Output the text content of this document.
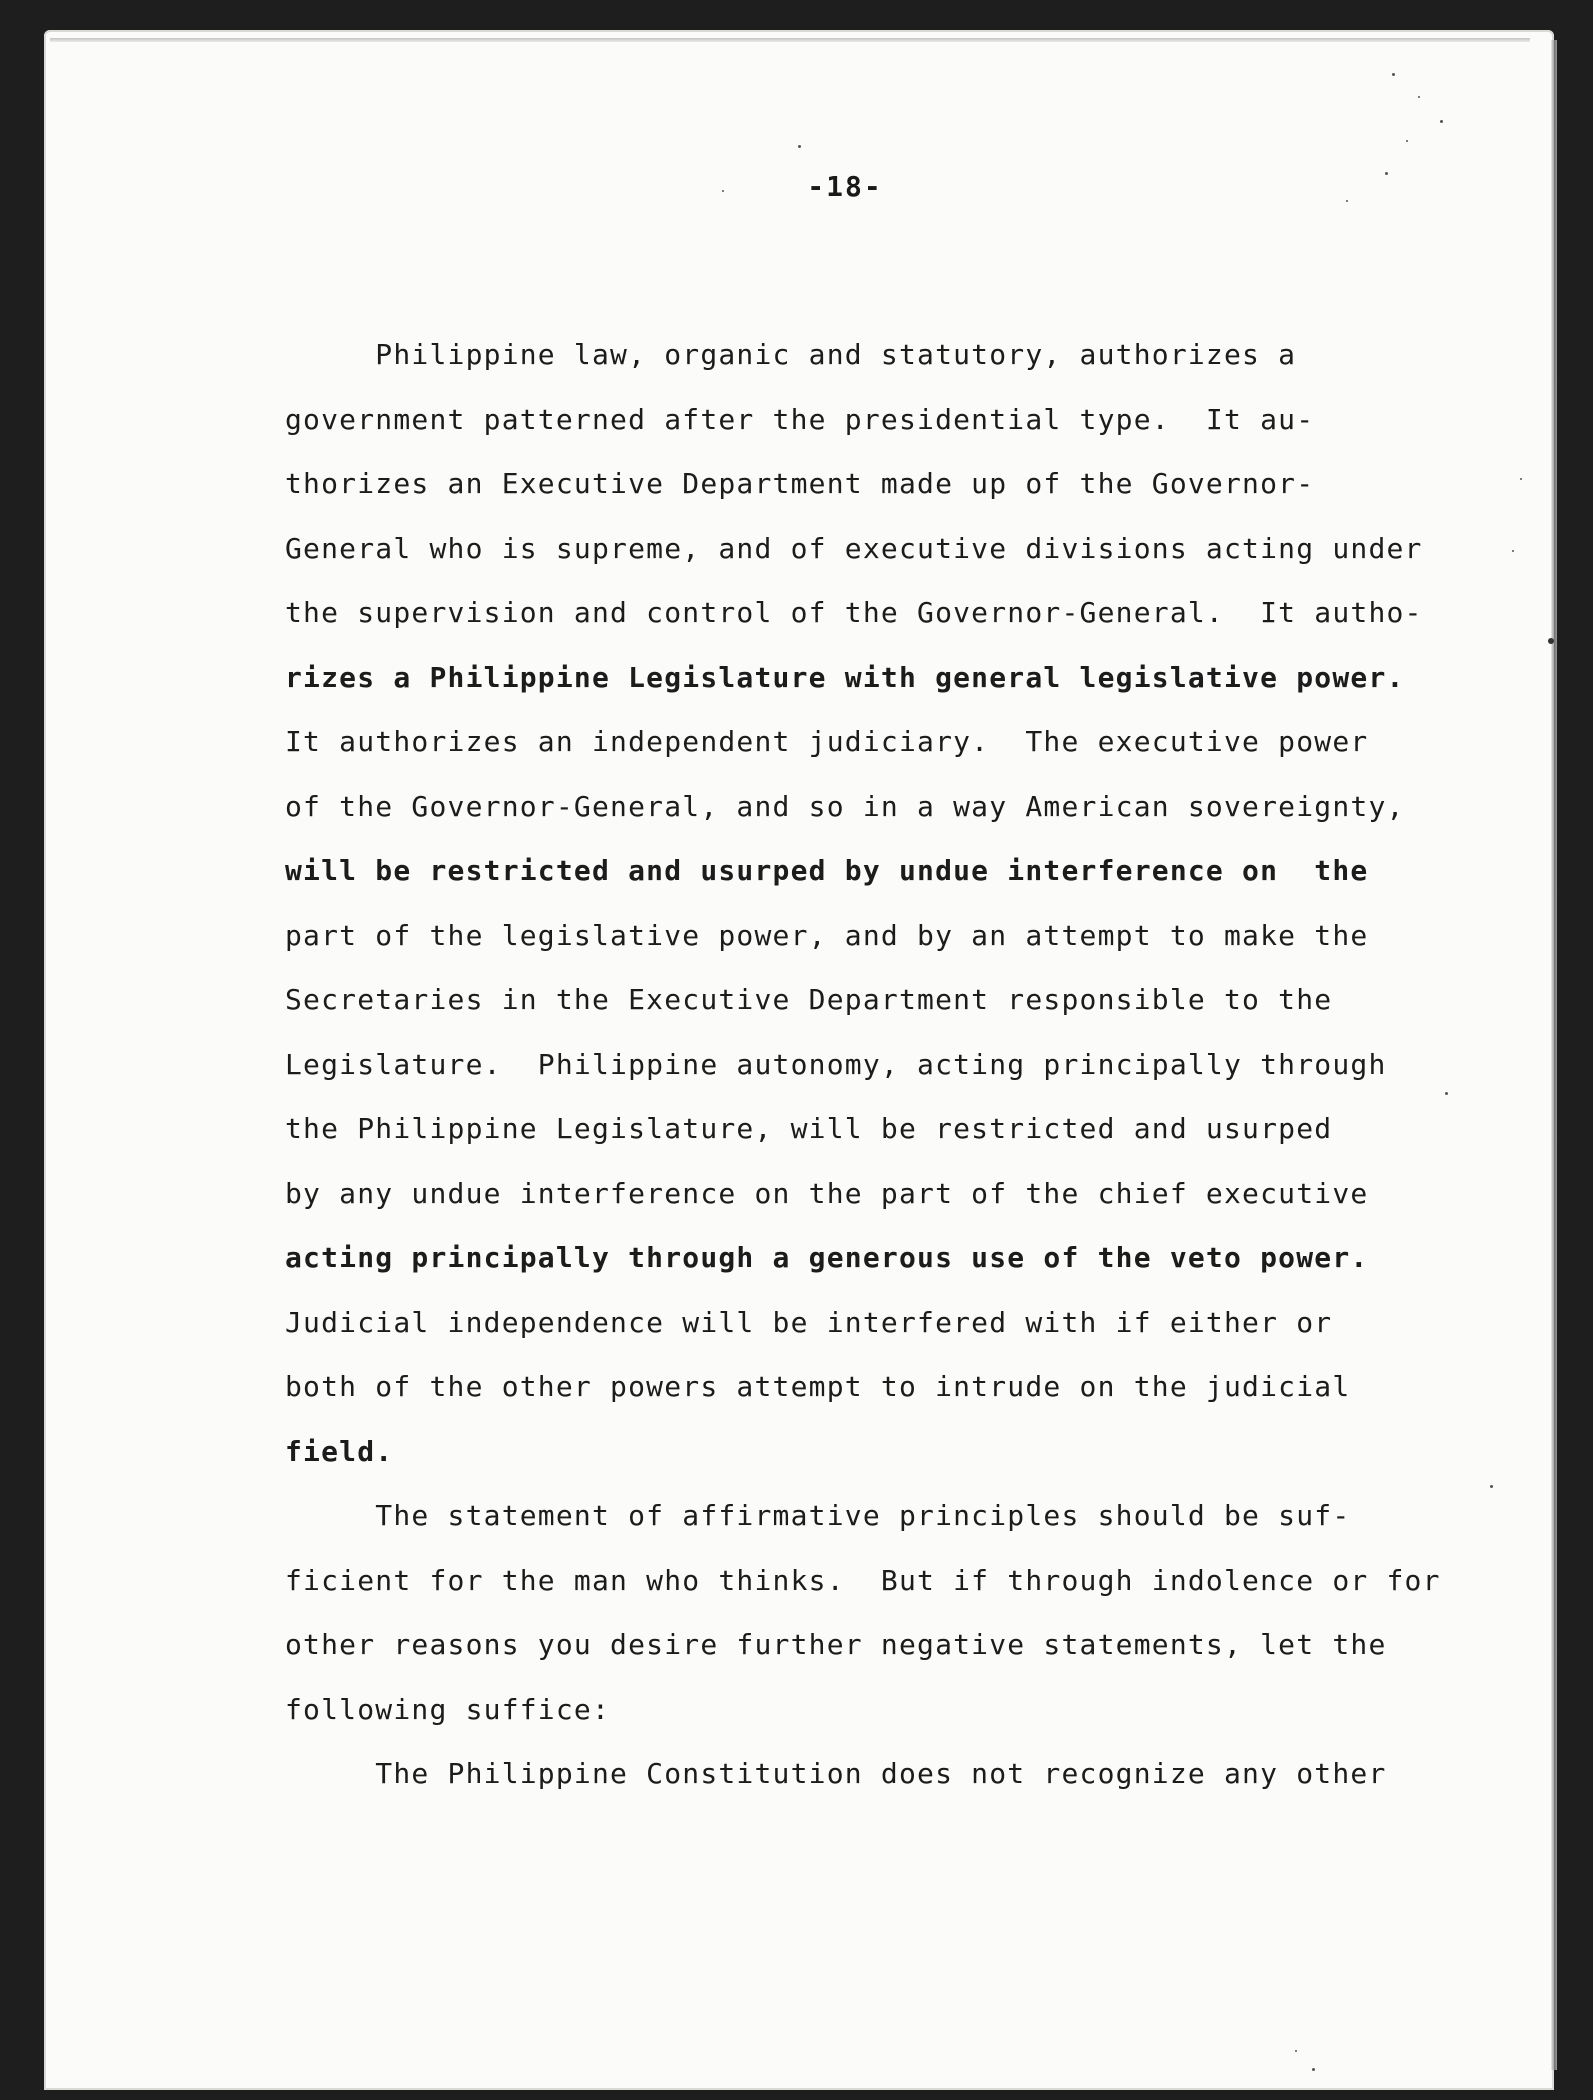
-18-
Philippine law, organic and statutory, authorizes a
government patterned after the presidential type.  It au-
thorizes an Executive Department made up of the Governor-
General who is supreme, and of executive divisions acting under
the supervision and control of the Governor-General.  It autho-
rizes a Philippine Legislature with general legislative power.
It authorizes an independent judiciary.  The executive power
of the Governor-General, and so in a way American sovereignty,
will be restricted and usurped by undue interference on  the
part of the legislative power, and by an attempt to make the
Secretaries in the Executive Department responsible to the
Legislature.  Philippine autonomy, acting principally through
the Philippine Legislature, will be restricted and usurped
by any undue interference on the part of the chief executive
acting principally through a generous use of the veto power.
Judicial independence will be interfered with if either or
both of the other powers attempt to intrude on the judicial
field.
The statement of affirmative principles should be suf-
ficient for the man who thinks.  But if through indolence or for
other reasons you desire further negative statements, let the
following suffice:
The Philippine Constitution does not recognize any other
